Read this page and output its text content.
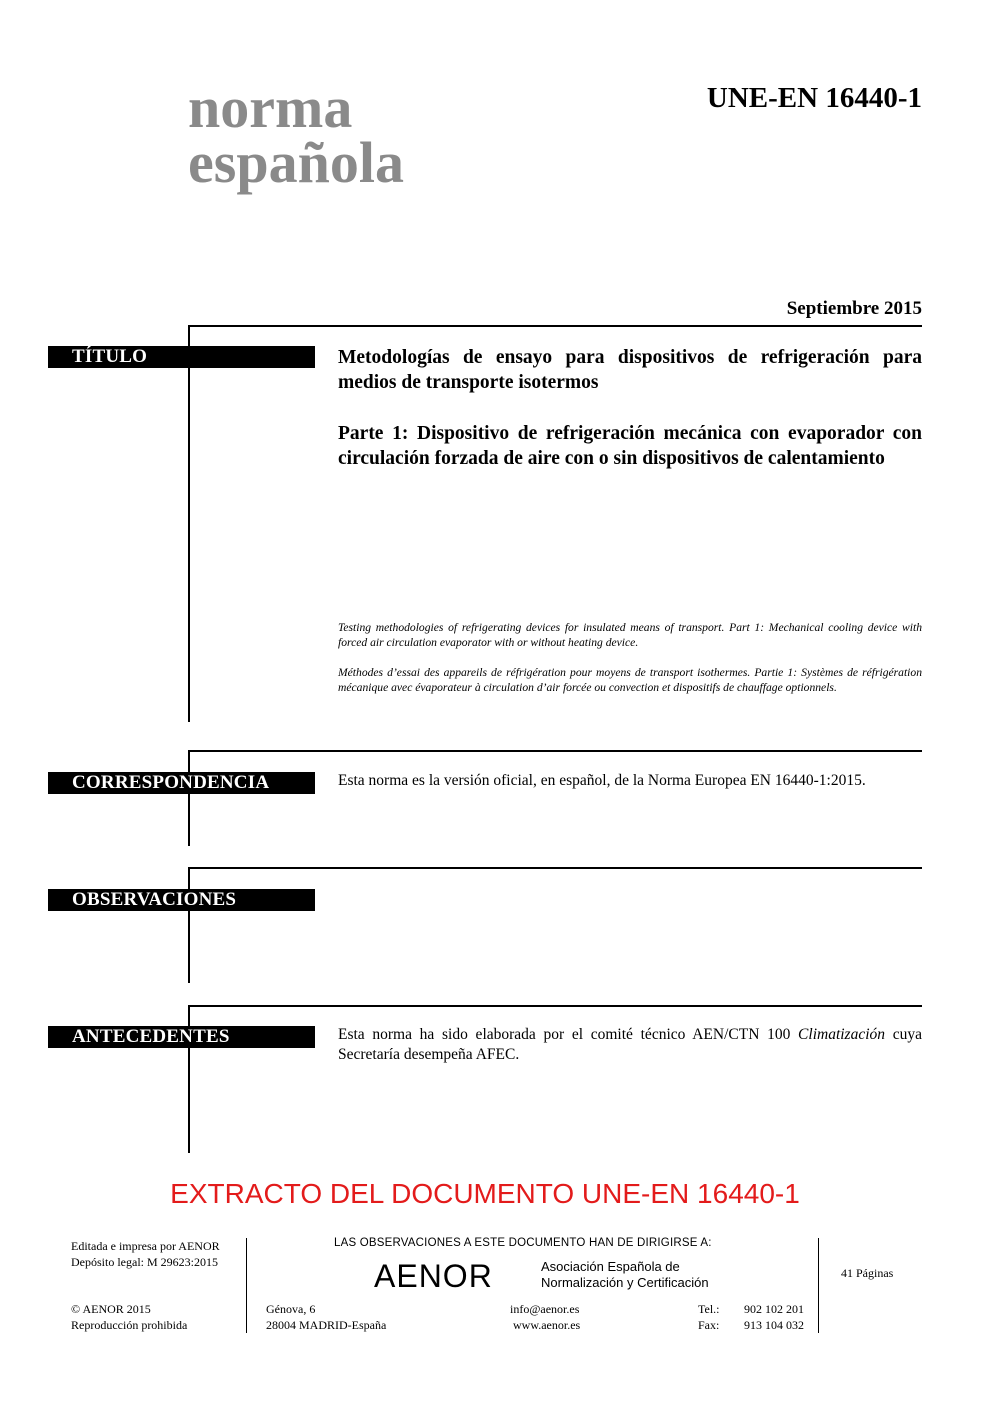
norma
española
UNE-EN 16440-1
Septiembre 2015
TÍTULO	Metodologías de ensayo para dispositivos de refrigeración para medios de transporte isotermos
Parte 1: Dispositivo de refrigeración mecánica con evaporador con circulación forzada de aire con o sin dispositivos de calentamiento
Testing methodologies of refrigerating devices for insulated means of transport. Part 1: Mechanical cooling device with forced air circulation evaporator with or without heating device.
Méthodes d’essai des appareils de réfrigération pour moyens de transport isothermes. Partie 1: Systèmes de réfrigération mécanique avec évaporateur à circulation d’air forcée ou convection et dispositifs de chauffage optionnels.
CORRESPONDENCIA	Esta norma es la versión oficial, en español, de la Norma Europea EN 16440-1:2015.
OBSERVACIONES
ANTECEDENTES	Esta norma ha sido elaborada por el comité técnico AEN/CTN 100 Climatización cuya Secretaría desempeña AFEC.
EXTRACTO DEL DOCUMENTO UNE-EN 16440-1
Editada e impresa por AENOR
Depósito legal: M 29623:2015
© AENOR 2015
Reproducción prohibida
LAS OBSERVACIONES A ESTE DOCUMENTO HAN DE DIRIGIRSE A:
AENOR	Asociación Española de
Normalización y Certificación
Génova, 6
28004 MADRID-España
info@aenor.es
www.aenor.es
Tel.: 902 102 201
Fax: 913 104 032
41 Páginas
